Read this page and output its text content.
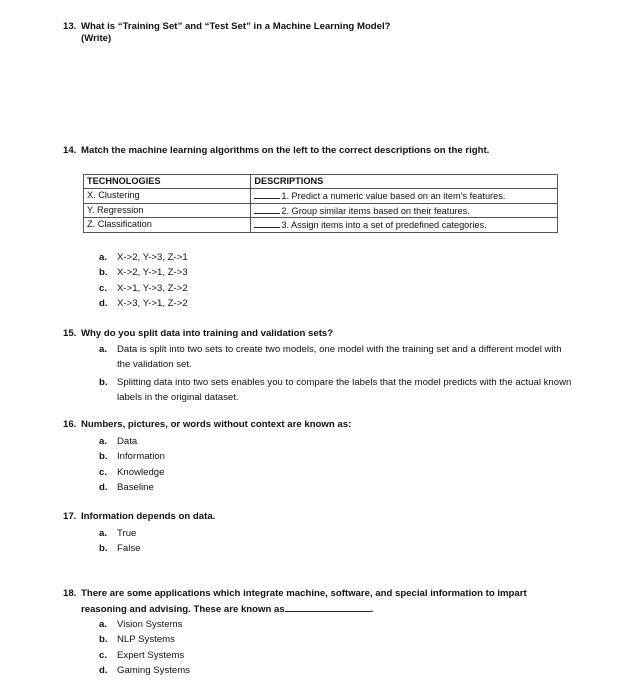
13. What is “Training Set” and “Test Set” in a Machine Learning Model?
(Write)
14. Match the machine learning algorithms on the left to the correct descriptions on the right.
TECHNOLOGIES	DESCRIPTIONS
X. Clustering	1. Predict a numeric value based on an item’s features.
Y. Regression	2. Group similar items based on their features.
Z. Classification	3. Assign items into a set of predefined categories.
a.	X->2, Y->3, Z->1
b. X->2, Y->1, Z->3
c.	X->1, Y->3, Z->2
d. X->3, Y->1, Z->2
15. Why do you split data into training and validation sets?
a.	Data is split into two sets to create two models, one model with the training set and a different model with the validation set.
b. Splitting data into two sets enables you to compare the labels that the model predicts with the actual known labels in the original dataset.
16. Numbers, pictures, or words without context are known as:
a.	Data
b. Information
c.	Knowledge
d. Baseline
17. Information depends on data.
a.	True
b. False
18. There are some applications which integrate machine, software, and special information to impart reasoning and advising. These are known as	.
a.	Vision Systems
b. NLP Systems
c.	Expert Systems
d. Gaming Systems
